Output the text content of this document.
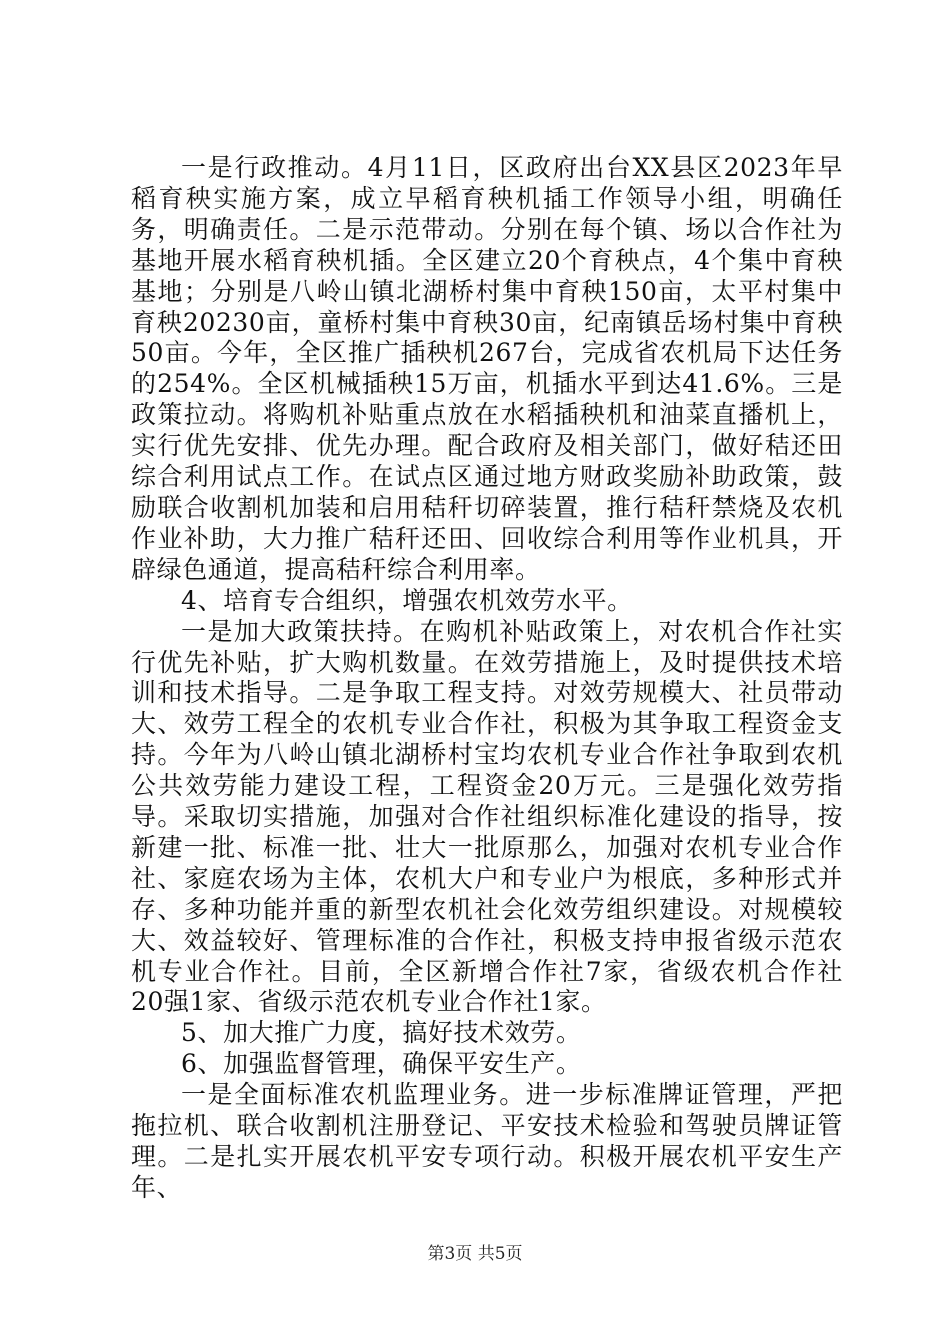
一是行政推动。4月11日，区政府出台XX县区2023年早稻育秧实施方案，成立早稻育秧机插工作领导小组，明确任务，明确责任。二是示范带动。分别在每个镇、场以合作社为基地开展水稻育秧机插。全区建立20个育秧点，4个集中育秧基地；分别是八岭山镇北湖桥村集中育秧150亩，太平村集中育秧20230亩，童桥村集中育秧30亩，纪南镇岳场村集中育秧50亩。今年，全区推广插秧机267台，完成省农机局下达任务的254%。全区机械插秧15万亩，机插水平到达41.6%。三是政策拉动。将购机补贴重点放在水稻插秧机和油菜直播机上，实行优先安排、优先办理。配合政府及相关部门，做好秸还田综合利用试点工作。在试点区通过地方财政奖励补助政策，鼓励联合收割机加装和启用秸秆切碎装置，推行秸秆禁烧及农机作业补助，大力推广秸秆还田、回收综合利用等作业机具，开辟绿色通道，提高秸秆综合利用率。

4、培育专合组织，增强农机效劳水平。

一是加大政策扶持。在购机补贴政策上，对农机合作社实行优先补贴，扩大购机数量。在效劳措施上，及时提供技术培训和技术指导。二是争取工程支持。对效劳规模大、社员带动大、效劳工程全的农机专业合作社，积极为其争取工程资金支持。今年为八岭山镇北湖桥村宝均农机专业合作社争取到农机公共效劳能力建设工程，工程资金20万元。三是强化效劳指导。采取切实措施，加强对合作社组织标准化建设的指导，按新建一批、标准一批、壮大一批原那么，加强对农机专业合作社、家庭农场为主体，农机大户和专业户为根底，多种形式并存、多种功能并重的新型农机社会化效劳组织建设。对规模较大、效益较好、管理标准的合作社，积极支持申报省级示范农机专业合作社。目前，全区新增合作社7家，省级农机合作社20强1家、省级示范农机专业合作社1家。

5、加大推广力度，搞好技术效劳。

6、加强监督管理，确保平安生产。

一是全面标准农机监理业务。进一步标准牌证管理，严把拖拉机、联合收割机注册登记、平安技术检验和驾驶员牌证管理。二是扎实开展农机平安专项行动。积极开展农机平安生产年、

第3页 共5页
